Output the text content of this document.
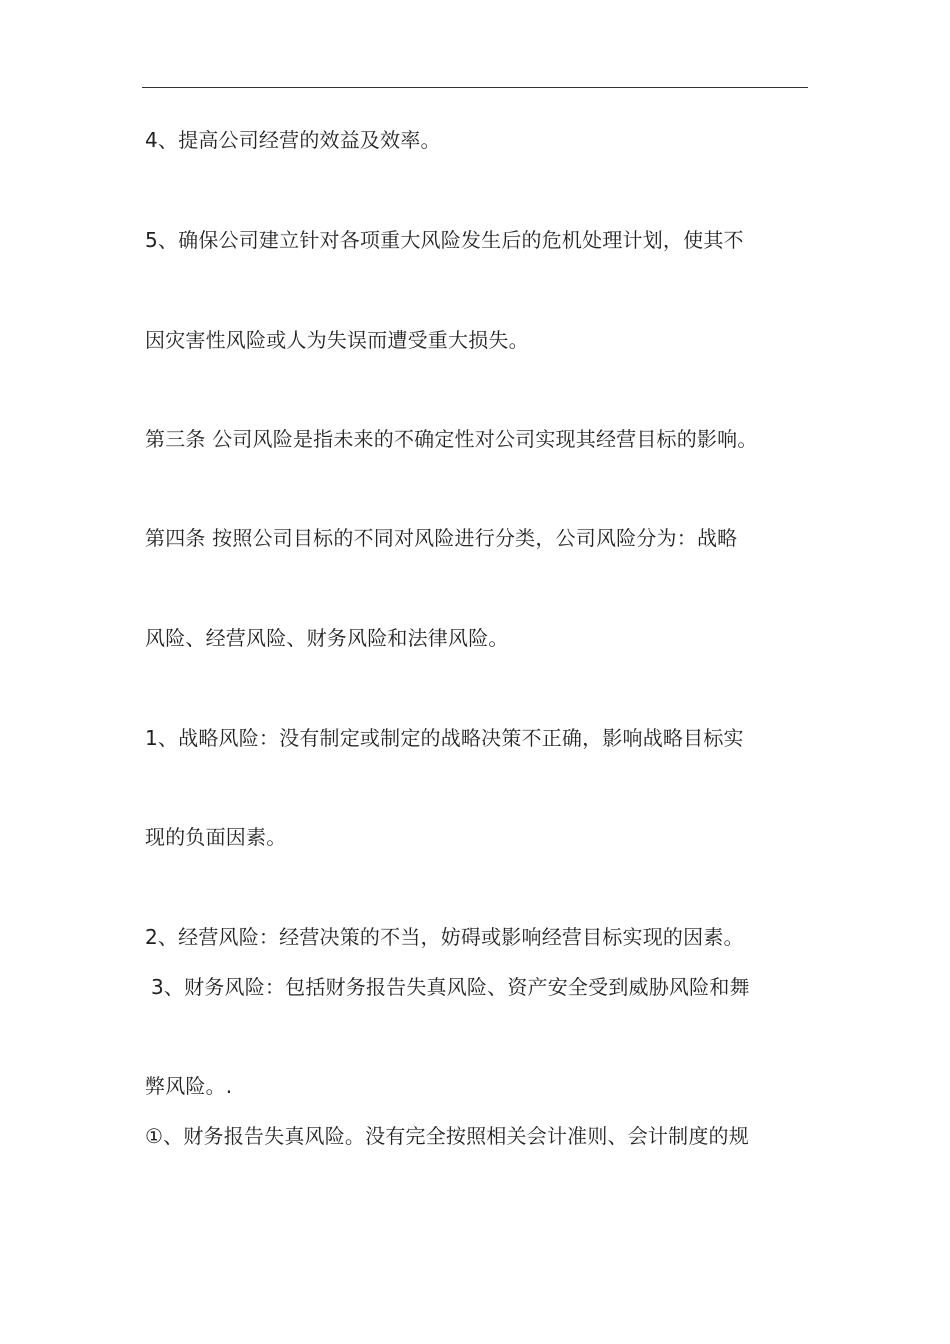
4、提高公司经营的效益及效率。
5、确保公司建立针对各项重大风险发生后的危机处理计划，使其不
因灾害性风险或人为失误而遭受重大损失。
第三条 公司风险是指未来的不确定性对公司实现其经营目标的影响。
第四条 按照公司目标的不同对风险进行分类，公司风险分为：战略
风险、经营风险、财务风险和法律风险。
1、战略风险：没有制定或制定的战略决策不正确，影响战略目标实
现的负面因素。
2、经营风险：经营决策的不当，妨碍或影响经营目标实现的因素。
3、财务风险：包括财务报告失真风险、资产安全受到威胁风险和舞
弊风险。.
①、财务报告失真风险。没有完全按照相关会计准则、会计制度的规
